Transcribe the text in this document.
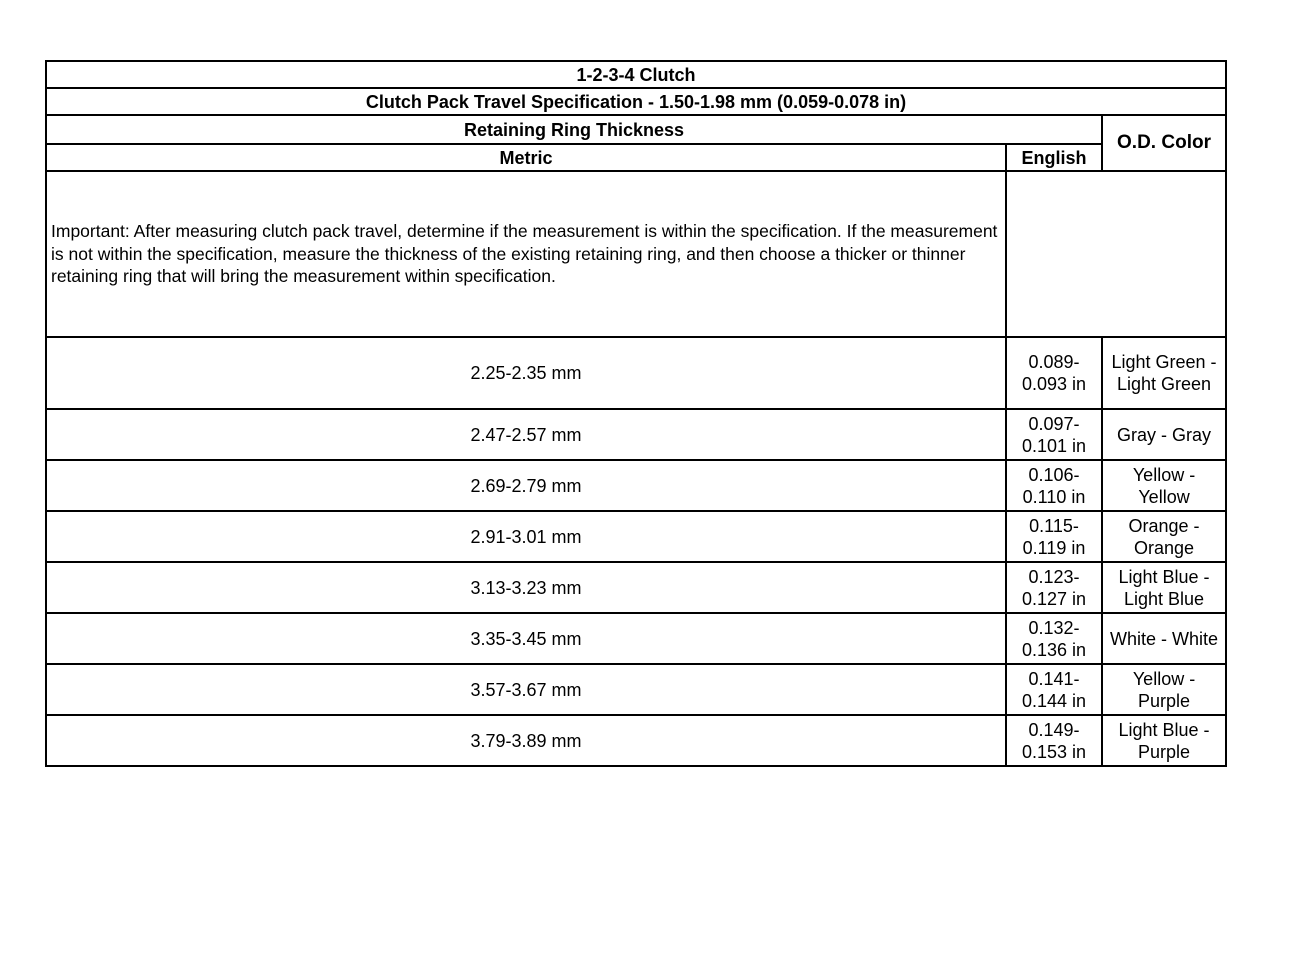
1-2-3-4 Clutch		
Clutch Pack Travel Specification - 1.50-1.98 mm (0.059-0.078 in)		
Retaining Ring Thickness		O.D. Color
Metric	English	
Important: After measuring clutch pack travel, determine if the measurement is within the specification. If the measurement is not within the specification, measure the thickness of the existing retaining ring, and then choose a thicker or thinner retaining ring that will bring the measurement within specification.		
2.25-2.35 mm	0.089-0.093 in	Light Green - Light Green
2.47-2.57 mm	0.097-0.101 in	Gray - Gray
2.69-2.79 mm	0.106-0.110 in	Yellow - Yellow
2.91-3.01 mm	0.115-0.119 in	Orange - Orange
3.13-3.23 mm	0.123-0.127 in	Light Blue - Light Blue
3.35-3.45 mm	0.132-0.136 in	White - White
3.57-3.67 mm	0.141-0.144 in	Yellow - Purple
3.79-3.89 mm	0.149-0.153 in	Light Blue - Purple
